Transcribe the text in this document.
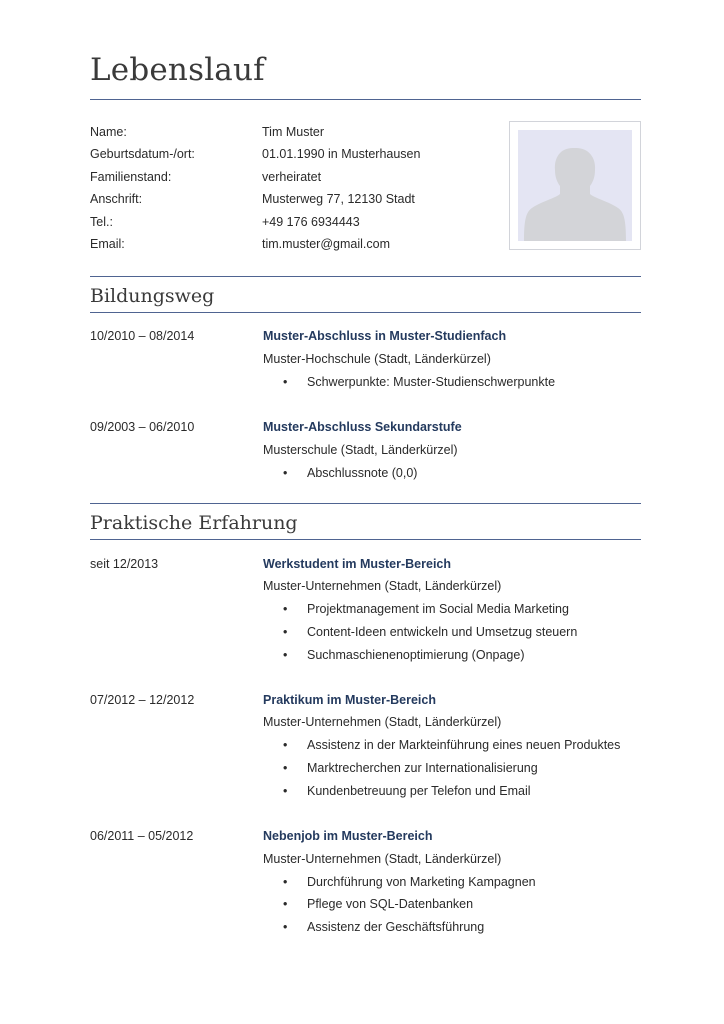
Lebenslauf
Name:	Tim Muster
Geburtsdatum-/ort:	01.01.1990 in Musterhausen
Familienstand:	verheiratet
Anschrift:	Musterweg 77, 12130 Stadt
Tel.:	+49 176 6934443
Email:	tim.muster@gmail.com
Bildungsweg
10/2010 – 08/2014	Muster-Abschluss in Muster-Studienfach
Muster-Hochschule (Stadt, Länderkürzel)
• Schwerpunkte: Muster-Studienschwerpunkte
09/2003 – 06/2010	Muster-Abschluss Sekundarstufe
Musterschule (Stadt, Länderkürzel)
• Abschlussnote (0,0)
Praktische Erfahrung
seit 12/2013	Werkstudent im Muster-Bereich
Muster-Unternehmen (Stadt, Länderkürzel)
• Projektmanagement im Social Media Marketing
• Content-Ideen entwickeln und Umsetzug steuern
• Suchmaschienenoptimierung (Onpage)
07/2012 – 12/2012	Praktikum im Muster-Bereich
Muster-Unternehmen (Stadt, Länderkürzel)
• Assistenz in der Markteinführung eines neuen Produktes
• Marktrecherchen zur Internationalisierung
• Kundenbetreuung per Telefon und Email
06/2011 – 05/2012	Nebenjob im Muster-Bereich
Muster-Unternehmen (Stadt, Länderkürzel)
• Durchführung von Marketing Kampagnen
• Pflege von SQL-Datenbanken
• Assistenz der Geschäftsführung
